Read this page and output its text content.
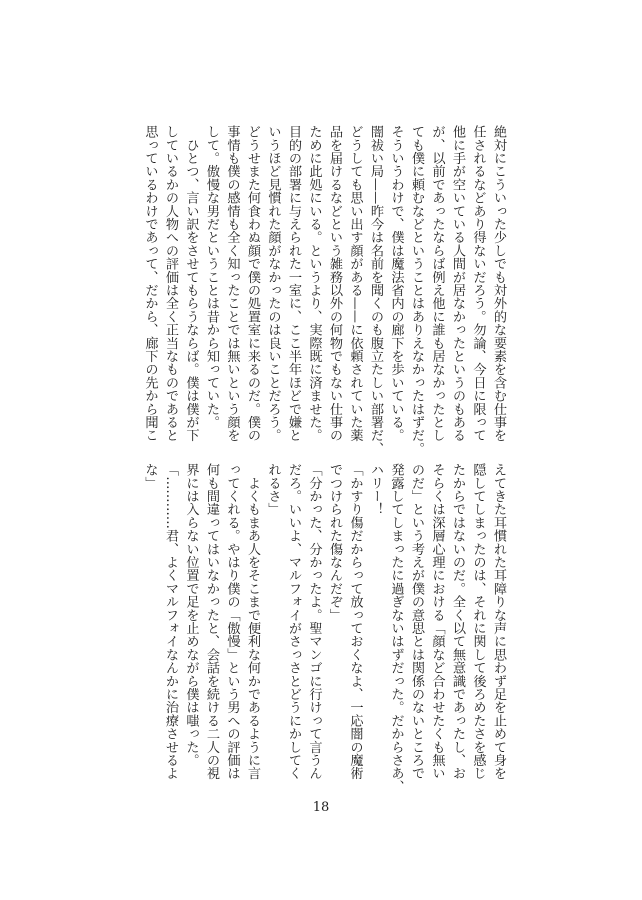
絶対にこういった少しでも対外的な要素を含む仕事を
任されるなどあり得ないだろう。勿論、今日に限って
他に手が空いている人間が居なかったというのもある
が、以前であったならば例え他に誰も居なかったとし
ても僕に頼むなどということはありえなかったはずだ。
そういうわけで、僕は魔法省内の廊下を歩いている。
闇祓い局——昨今は名前を聞くのも腹立たしい部署だ、
どうしても思い出す顔がある——に依頼されていた薬
品を届けるなどという雑務以外の何物でもない仕事の
ために此処にいる。というより、実際既に済ませた。
目的の部署に与えられた一室に、ここ半年ほどで嫌と
いうほど見慣れた顔がなかったのは良いことだろう。
どうせまた何食わぬ顔で僕の処置室に来るのだ。僕の
事情も僕の感情も全く知ったことでは無いという顔を
して。傲慢な男だということは昔から知っていた。
　ひとつ、言い訳をさせてもらうならば。僕は僕が下
しているかの人物への評価は全く正当なものであると
思っているわけであって、だから、廊下の先から聞こ
えてきた耳慣れた耳障りな声に思わず足を止めて身を
隠してしまったのは、それに関して後ろめたさを感じ
たからではないのだ。全く以て無意識であったし、お
そらくは深層心理における「顔など合わせたくも無い
のだ」という考えが僕の意思とは関係のないところで
発露してしまったに過ぎないはずだった。だからさあ、
ハリー！
「かすり傷だからって放っておくなよ、一応闇の魔術
でつけられた傷なんだぞ」
「分かった、分かったよ。聖マンゴに行けって言うん
だろ。いいよ、マルフォイがさっさとどうにかしてく
れるさ」
　よくもまあ人をそこまで便利な何かであるように言
ってくれる。やはり僕の「傲慢」という男への評価は
何も間違ってはいなかったと、会話を続ける二人の視
界には入らない位置で足を止めながら僕は嗤った。
「…………君、よくマルフォイなんかに治療させるよ
な」
18
